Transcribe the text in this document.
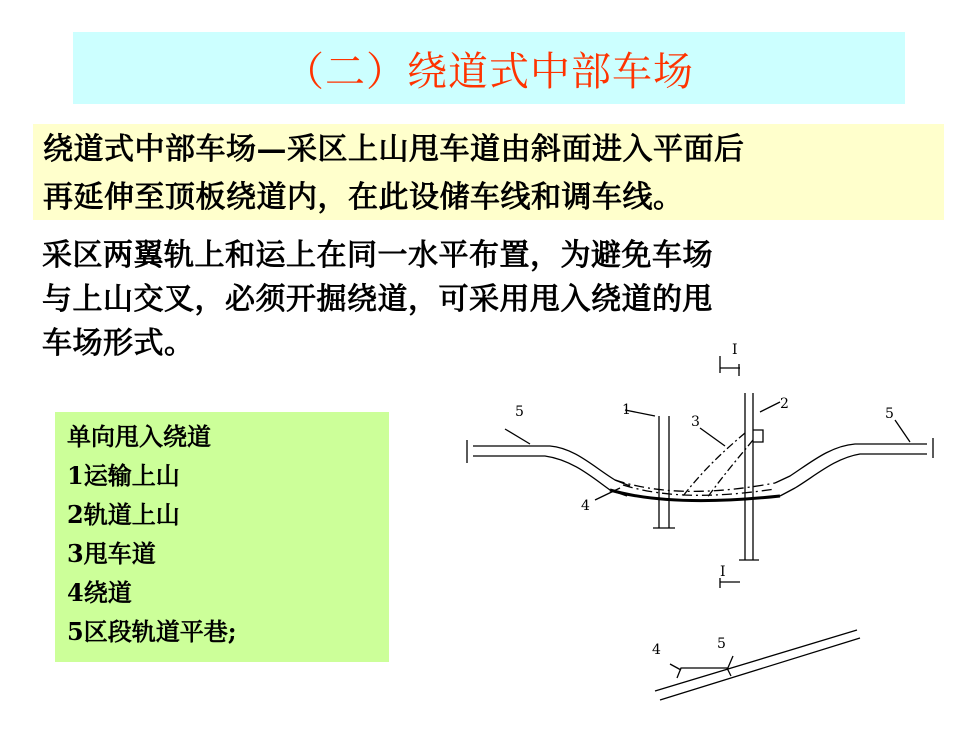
（二）绕道式中部车场

绕道式中部车场—采区上山甩车道由斜面进入平面后

再延伸至顶板绕道内，在此设储车线和调车线。

采区两翼轨上和运上在同一水平布置，为避免车场
与上山交叉，必须开掘绕道，可采用甩入绕道的甩
车场形式。
单向甩入绕道
1运输上山
2轨道上山
3甩车道
4绕道
5区段轨道平巷;
I
I
5	1
3
2
5
4
4	5
